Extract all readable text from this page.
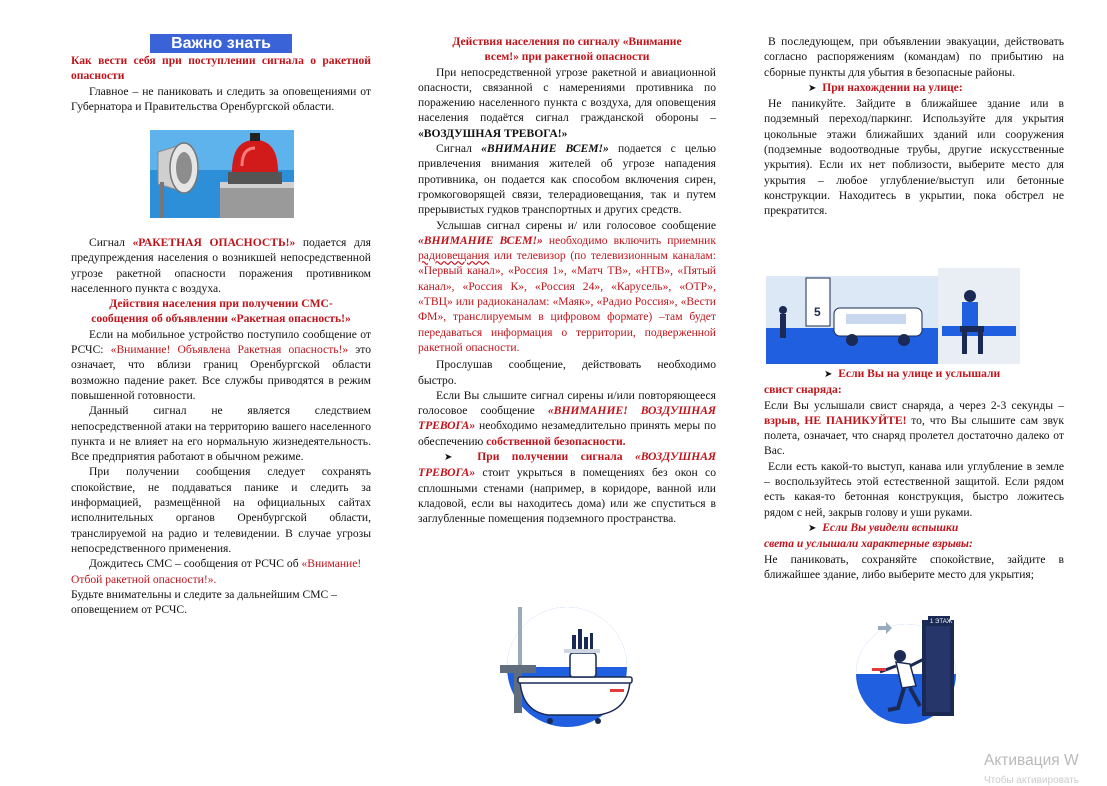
Важно знать

Как вести себя при поступлении сигнала о ракетной опасности

Главное – не паниковать и следить за оповещениями от Губернатора и Правительства Оренбургской области.

Сигнал «РАКЕТНАЯ ОПАСНОСТЬ!» подается для предупреждения населения о возникшей непосредственной угрозе ракетной опасности поражения противником населенного пункта с воздуха.

Действия населения при получении СМС-сообщения об объявлении «Ракетная опасность!»

Если на мобильное устройство поступило сообщение от РСЧС: «Внимание! Объявлена Ракетная опасность!» это означает, что вблизи границ Оренбургской области возможно падение ракет. Все службы приводятся в режим повышенной готовности.

Данный сигнал не является следствием непосредственной атаки на территорию вашего населенного пункта и не влияет на его нормальную жизнедеятельность. Все предприятия работают в обычном режиме.

При получении сообщения следует сохранять спокойствие, не поддаваться панике и следить за информацией, размещённой на официальных сайтах исполнительных органов Оренбургской области, транслируемой на радио и телевидении. В случае угрозы непосредственного применения.

Дождитесь СМС – сообщения от РСЧС об «Внимание! Отбой ракетной опасности!».

Будьте внимательны и следите за дальнейшим СМС – оповещением от РСЧС.

Действия населения по сигналу «Внимание всем!» при ракетной опасности

При непосредственной угрозе ракетной и авиационной опасности, связанной с намерениями противника по поражению населенного пункта с воздуха, для оповещения населения подаётся сигнал гражданской обороны – «ВОЗДУШНАЯ ТРЕВОГА!»

Сигнал «ВНИМАНИЕ ВСЕМ!» подается с целью привлечения внимания жителей об угрозе нападения противника, он подается как способом включения сирен, громкоговорящей связи, телерадиовещания, так и путем прерывистых гудков транспортных и других средств.

Услышав сигнал сирены и/ или голосовое сообщение «ВНИМАНИЕ ВСЕМ!» необходимо включить приемник радиовещания или телевизор (по телевизионным каналам: «Первый канал», «Россия 1», «Матч ТВ», «НТВ», «Пятый канал», «Россия К», «Россия 24», «Карусель», «ОТР», «ТВЦ» или радиоканалам: «Маяк», «Радио Россия», «Вести ФМ», транслируемым в цифровом формате) –там будет передаваться информация о территории, подверженной ракетной опасности.

Прослушав сообщение, действовать необходимо быстро.

Если Вы слышите сигнал сирены и/или повторяющееся голосовое сообщение «ВНИМАНИЕ! ВОЗДУШНАЯ ТРЕВОГА» необходимо незамедлительно принять меры по обеспечению собственной безопасности.

➤ При получении сигнала «ВОЗДУШНАЯ ТРЕВОГА» стоит укрыться в помещениях без окон со сплошными стенами (например, в коридоре, ванной или кладовой, если вы находитесь дома) или же спуститься в заглубленные помещения подземного пространства.

В последующем, при объявлении эвакуации, действовать согласно распоряжениям (командам) по прибытию на сборные пункты для убытия в безопасные районы.

➤ При нахождении на улице:

Не паникуйте. Зайдите в ближайшее здание или в подземный переход/паркинг. Используйте для укрытия цокольные этажи ближайших зданий или сооружения (подземные водоотводные трубы, другие искусственные укрытия). Если их нет поблизости, выберите место для укрытия – любое углубление/выступ или бетонные конструкции. Находитесь в укрытии, пока обстрел не прекратится.

5

➤ Если Вы на улице и услышали

свист снаряда:

Если Вы услышали свист снаряда, а через 2-3 секунды – взрыв, НЕ ПАНИКУЙТЕ! то, что Вы слышите сам звук полета, означает, что снаряд пролетел достаточно далеко от Вас.

Если есть какой-то выступ, канава или углубление в земле – воспользуйтесь этой естественной защитой. Если рядом есть какая-то бетонная конструкция, быстро ложитесь рядом с ней, закрыв голову и уши руками.

➤ Если Вы увидели вспышки

света и услышали характерные взрывы:

Не паниковать, сохраняйте спокойствие, зайдите в ближайшее здание, либо выберите место для укрытия;

1 ЭТАЖ
Активация W
Чтобы активировать
